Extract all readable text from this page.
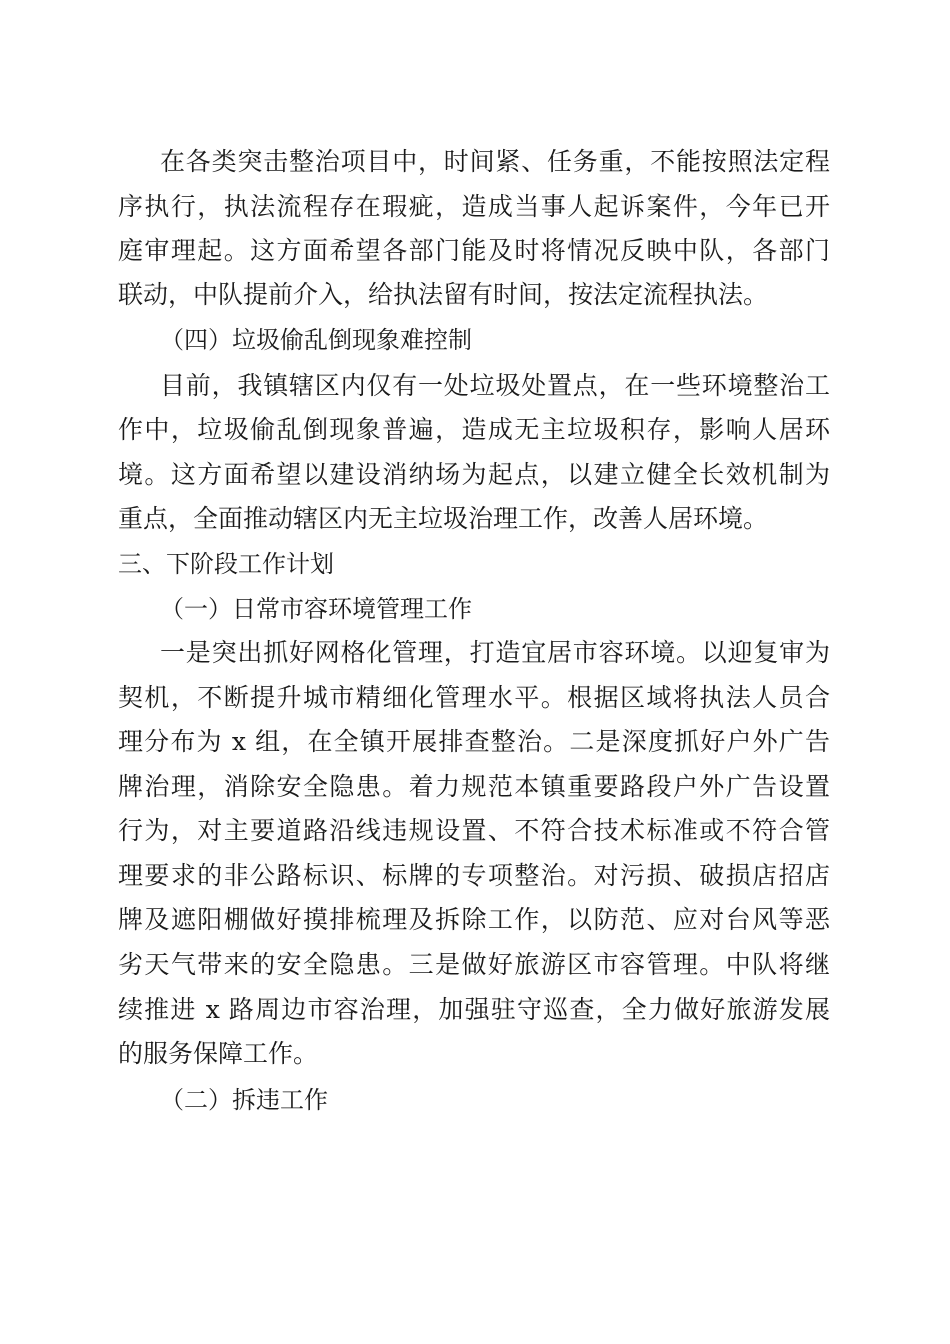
在各类突击整治项目中，时间紧、任务重，不能按照法定程

序执行，执法流程存在瑕疵，造成当事人起诉案件，今年已开

庭审理起。这方面希望各部门能及时将情况反映中队，各部门

联动，中队提前介入，给执法留有时间，按法定流程执法。

（四）垃圾偷乱倒现象难控制

目前，我镇辖区内仅有一处垃圾处置点，在一些环境整治工

作中，垃圾偷乱倒现象普遍，造成无主垃圾积存，影响人居环

境。这方面希望以建设消纳场为起点，以建立健全长效机制为

重点，全面推动辖区内无主垃圾治理工作，改善人居环境。

三、下阶段工作计划

（一）日常市容环境管理工作

一是突出抓好网格化管理，打造宜居市容环境。以迎复审为

契机，不断提升城市精细化管理水平。根据区域将执法人员合

理分布为 x 组，在全镇开展排查整治。二是深度抓好户外广告

牌治理，消除安全隐患。着力规范本镇重要路段户外广告设置

行为，对主要道路沿线违规设置、不符合技术标准或不符合管

理要求的非公路标识、标牌的专项整治。对污损、破损店招店

牌及遮阳棚做好摸排梳理及拆除工作，以防范、应对台风等恶

劣天气带来的安全隐患。三是做好旅游区市容管理。中队将继

续推进 x 路周边市容治理，加强驻守巡查，全力做好旅游发展

的服务保障工作。

（二）拆违工作
